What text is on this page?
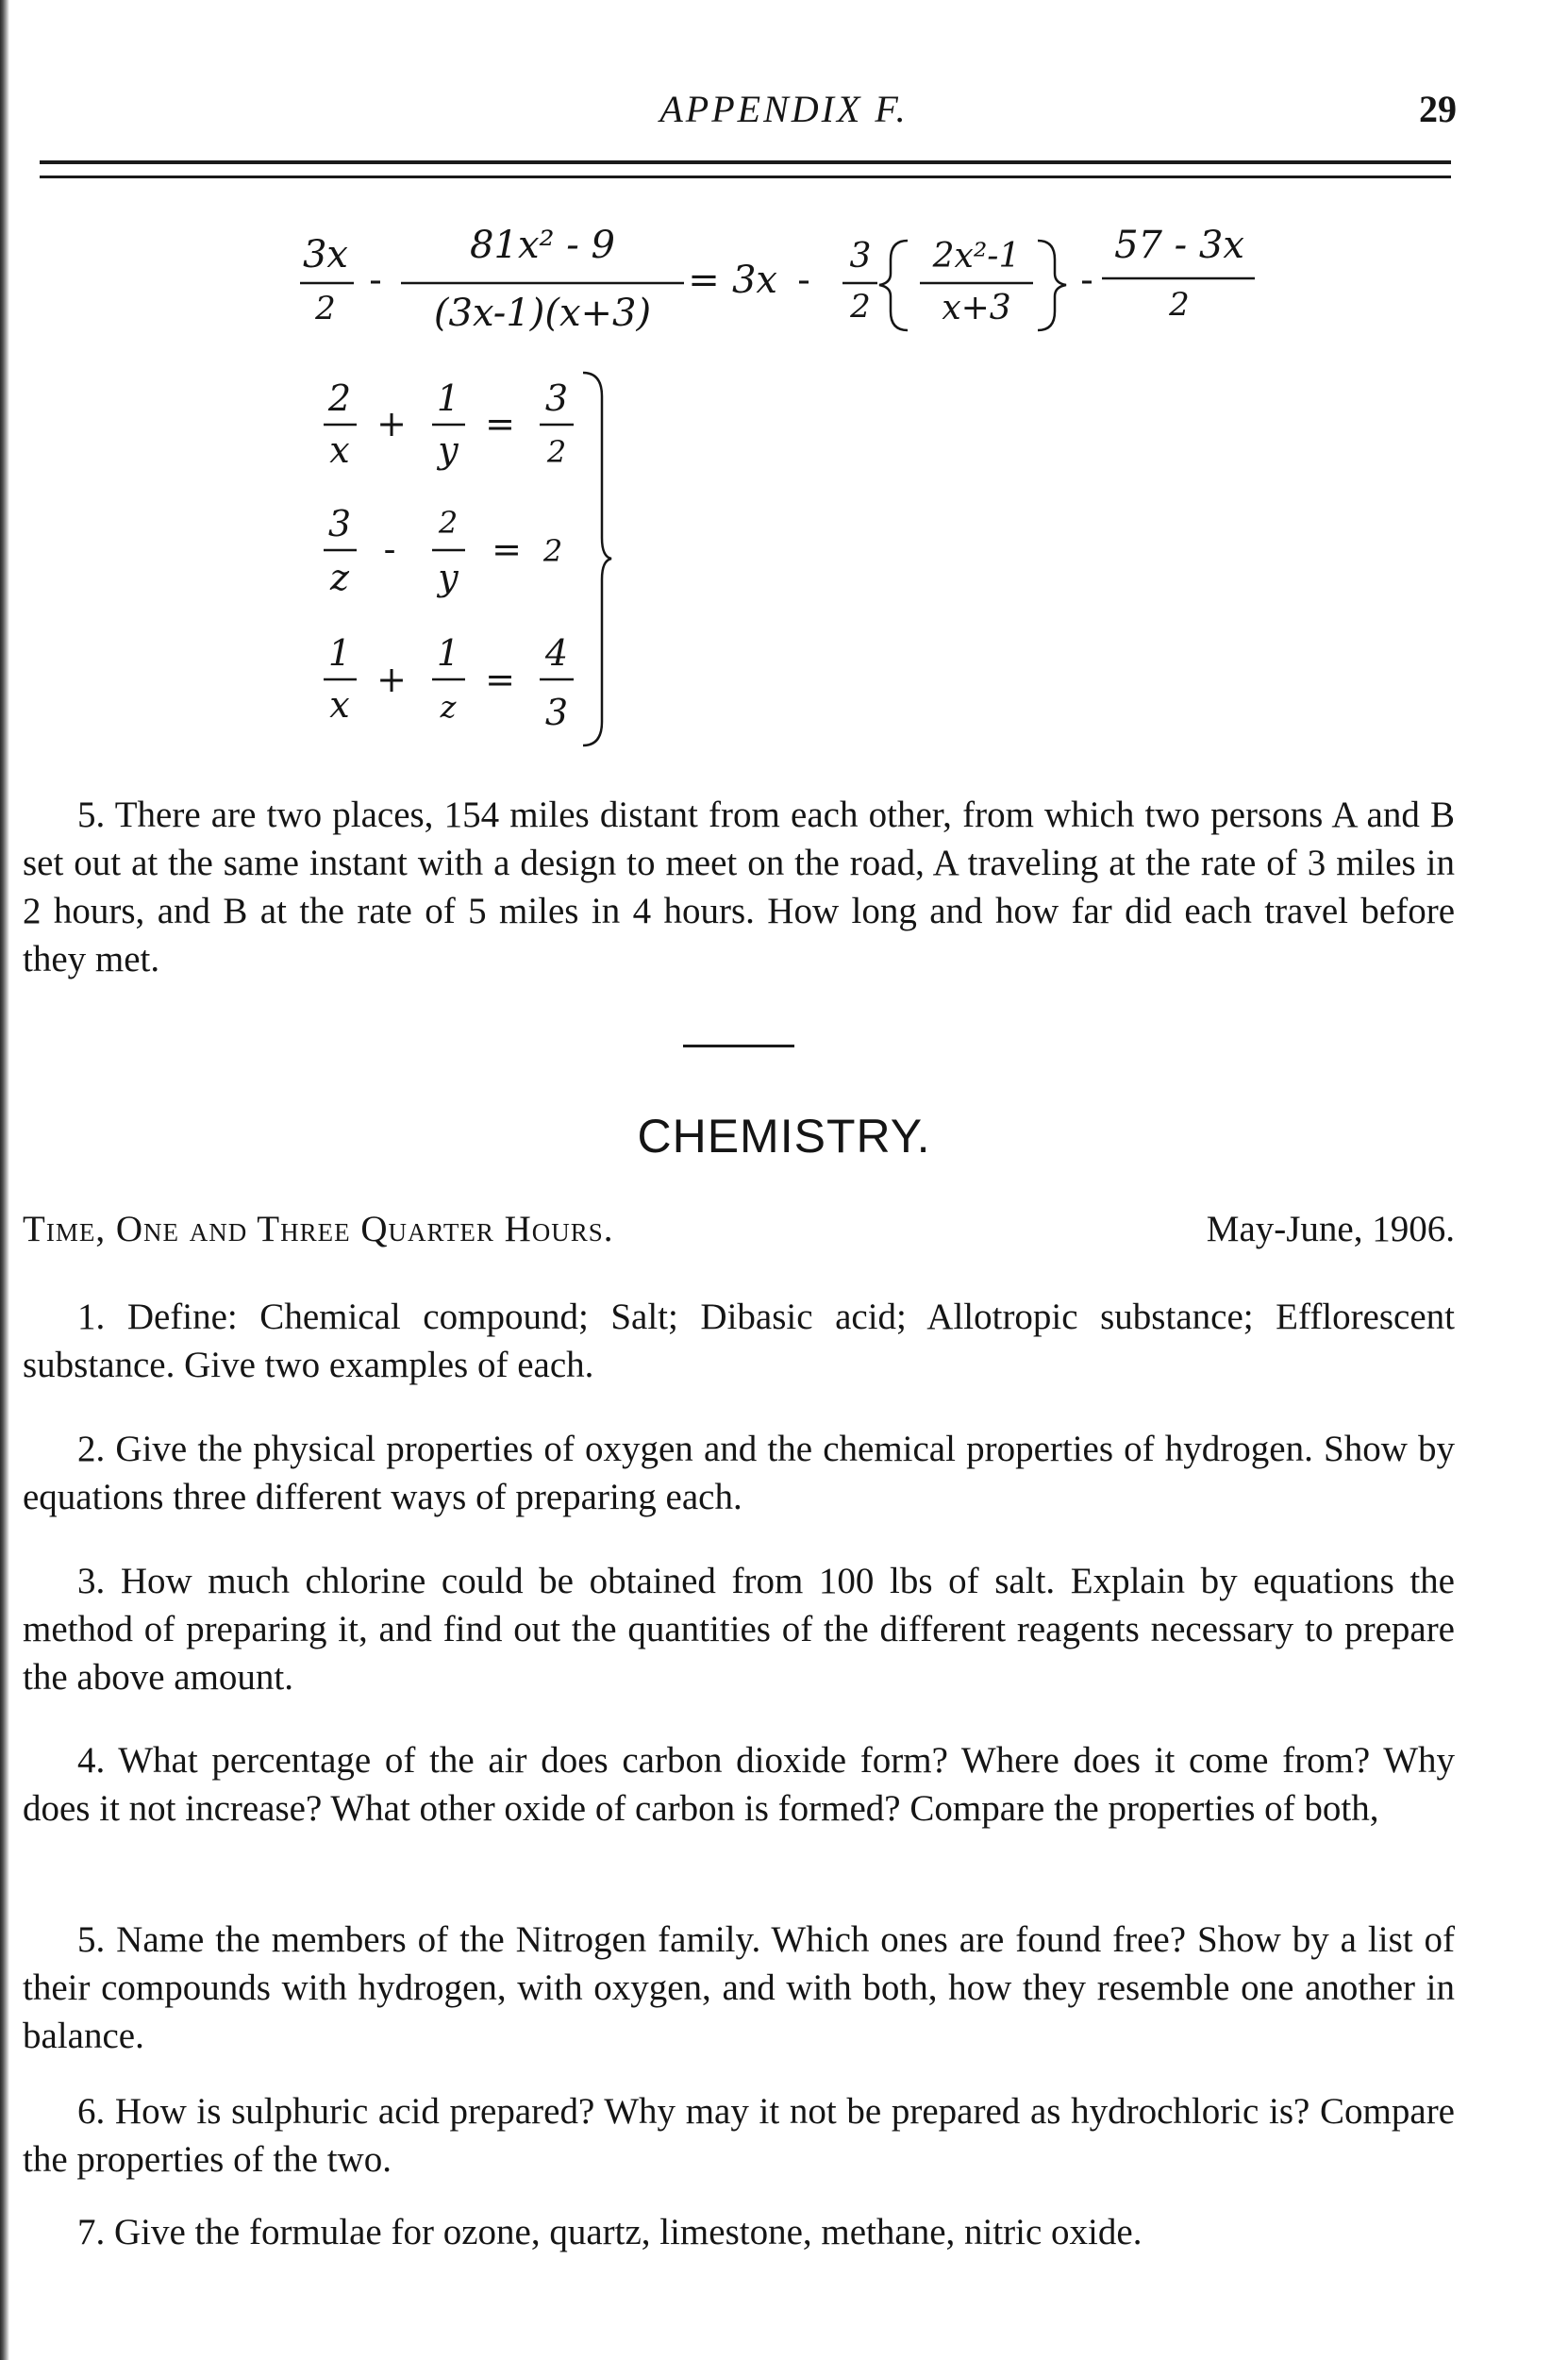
APPENDIX F.	29
3x
2
-
81x² - 9
(3x-1)(x+3)
= 3x -
3
2
2x²-1
x+3
-
57 - 3x
2
2
x
+
1
y
=
3
2
3
z
-
2
y
= 2
1
x
+
1
z
=
4
3
5. There are two places, 154 miles distant from each other, from which two persons A and B set out at the same instant with a design to meet on the road, A traveling at the rate of 3 miles in 2 hours, and B at the rate of 5 miles in 4 hours. How long and how far did each travel before they met.
CHEMISTRY.
Time, One and Three Quarter Hours.	May-June, 1906.
1. Define: Chemical compound; Salt; Dibasic acid; Allotropic substance; Efflorescent substance. Give two examples of each.
2. Give the physical properties of oxygen and the chemical properties of hydrogen. Show by equations three different ways of preparing each.
3. How much chlorine could be obtained from 100 lbs of salt. Explain by equations the method of preparing it, and find out the quantities of the different reagents necessary to prepare the above amount.
4. What percentage of the air does carbon dioxide form? Where does it come from? Why does it not increase? What other oxide of carbon is formed? Compare the properties of both,
5. Name the members of the Nitrogen family. Which ones are found free? Show by a list of their compounds with hydrogen, with oxygen, and with both, how they resemble one another in balance.
6. How is sulphuric acid prepared? Why may it not be prepared as hydrochloric is? Compare the properties of the two.
7. Give the formulae for ozone, quartz, limestone, methane, nitric oxide.
